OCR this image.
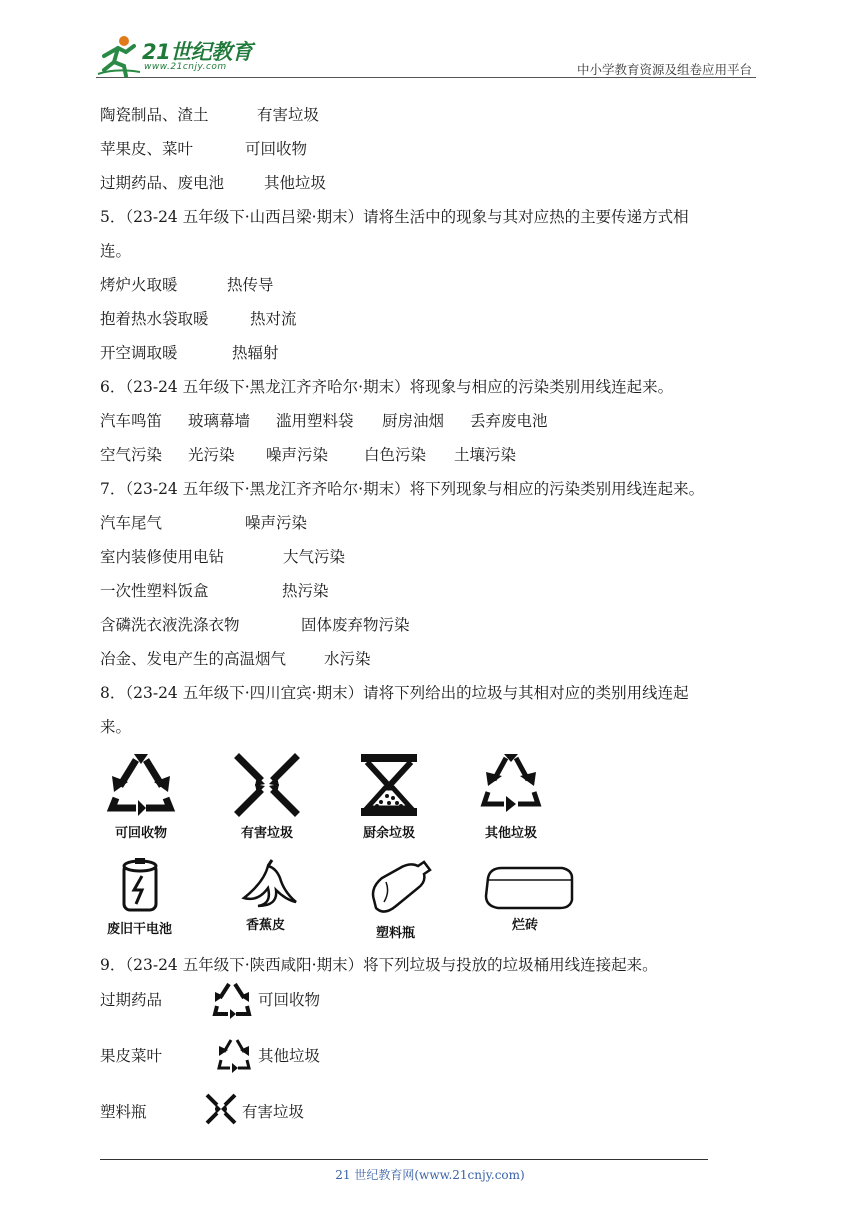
21世纪教育
www.21cnjy.com	中小学教育资源及组卷应用平台
陶瓷制品、渣土	有害垃圾
苹果皮、菜叶	可回收物
过期药品、废电池	其他垃圾
5．（23-24 五年级下·山西吕梁·期末）请将生活中的现象与其对应热的主要传递方式相
连。
烤炉火取暖	热传导
抱着热水袋取暖	热对流
开空调取暖	热辐射
6．（23-24 五年级下·黑龙江齐齐哈尔·期末）将现象与相应的污染类别用线连起来。
汽车鸣笛 玻璃幕墙 滥用塑料袋 厨房油烟 丢弃废电池
空气污染 光污染 噪声污染 白色污染 土壤污染
7．（23-24 五年级下·黑龙江齐齐哈尔·期末）将下列现象与相应的污染类别用线连起来。
汽车尾气	噪声污染
室内装修使用电钻	大气污染
一次性塑料饭盒	热污染
含磷洗衣液洗涤衣物	固体废弃物污染
冶金、发电产生的高温烟气 水污染
8．（23-24 五年级下·四川宜宾·期末）请将下列给出的垃圾与其相对应的类别用线连起
来。
可回收物	有害垃圾	厨余垃圾	其他垃圾
废旧干电池	香蕉皮
塑料瓶
烂砖
9．（23-24 五年级下·陕西咸阳·期末）将下列垃圾与投放的垃圾桶用线连接起来。
过期药品	可回收物
果皮菜叶	其他垃圾
塑料瓶	有害垃圾
21 世纪教育网(www.21cnjy.com)
